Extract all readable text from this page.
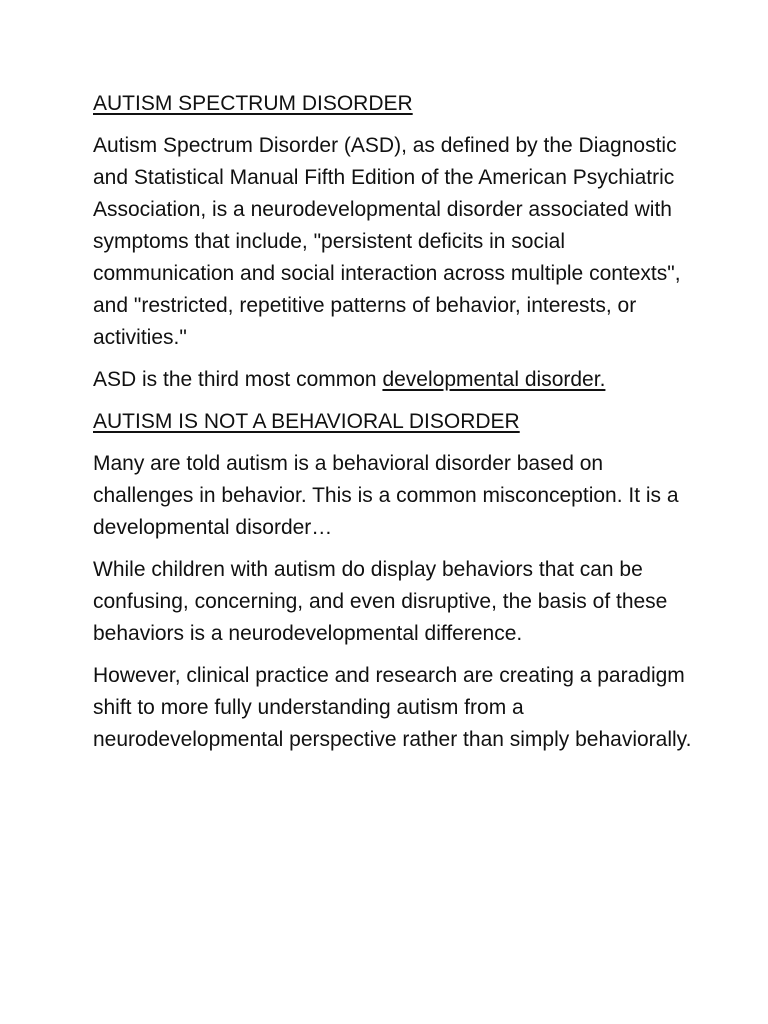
AUTISM SPECTRUM DISORDER

Autism Spectrum Disorder (ASD), as defined by the Diagnostic and Statistical Manual Fifth Edition of the American Psychiatric Association, is a neurodevelopmental disorder associated with symptoms that include, "persistent deficits in social communication and social interaction across multiple contexts", and "restricted, repetitive patterns of behavior, interests, or activities."

ASD is the third most common developmental disorder.

AUTISM IS NOT A BEHAVIORAL DISORDER

Many are told autism is a behavioral disorder based on challenges in behavior. This is a common misconception. It is a developmental disorder…

While children with autism do display behaviors that can be confusing, concerning, and even disruptive, the basis of these behaviors is a neurodevelopmental difference.

However, clinical practice and research are creating a paradigm shift to more fully understanding autism from a neurodevelopmental perspective rather than simply behaviorally.
